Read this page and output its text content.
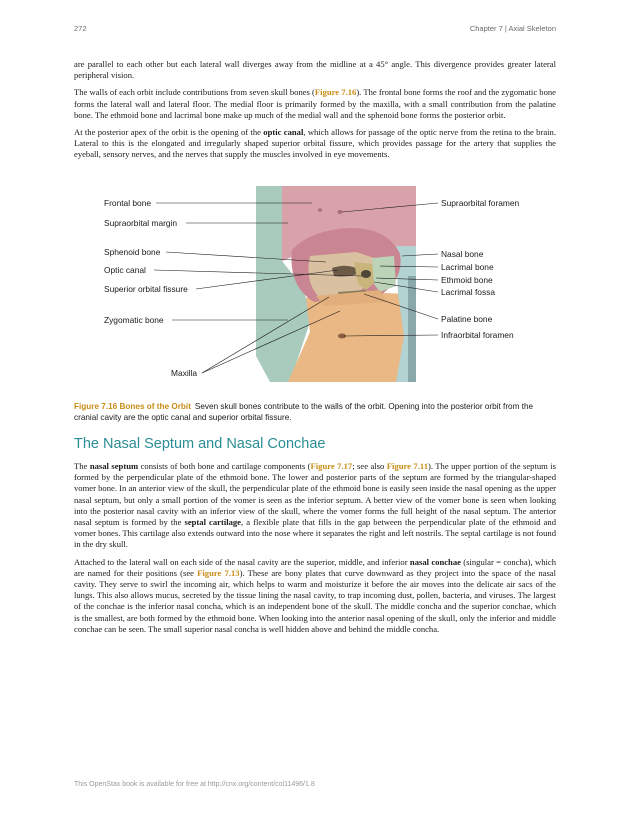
272	Chapter 7 | Axial Skeleton

are parallel to each other but each lateral wall diverges away from the midline at a 45° angle. This divergence provides greater lateral peripheral vision.

The walls of each orbit include contributions from seven skull bones (Figure 7.16). The frontal bone forms the roof and the zygomatic bone forms the lateral wall and lateral floor. The medial floor is primarily formed by the maxilla, with a small contribution from the palatine bone. The ethmoid bone and lacrimal bone make up much of the medial wall and the sphenoid bone forms the posterior orbit.

At the posterior apex of the orbit is the opening of the optic canal, which allows for passage of the optic nerve from the retina to the brain. Lateral to this is the elongated and irregularly shaped superior orbital fissure, which provides passage for the artery that supplies the eyeball, sensory nerves, and the nerves that supply the muscles involved in eye movements.

Frontal bone
Supraorbital margin
Sphenoid bone
Optic canal
Superior orbital fissure
Zygomatic bone
Maxilla
Supraorbital foramen
Nasal bone
Lacrimal bone
Ethmoid bone
Lacrimal fossa
Palatine bone
Infraorbital foramen
Figure 7.16 Bones of the Orbit Seven skull bones contribute to the walls of the orbit. Opening into the posterior orbit from the cranial cavity are the optic canal and superior orbital fissure.
The Nasal Septum and Nasal Conchae

The nasal septum consists of both bone and cartilage components (Figure 7.17; see also Figure 7.11). The upper portion of the septum is formed by the perpendicular plate of the ethmoid bone. The lower and posterior parts of the septum are formed by the triangular-shaped vomer bone. In an anterior view of the skull, the perpendicular plate of the ethmoid bone is easily seen inside the nasal opening as the upper nasal septum, but only a small portion of the vomer is seen as the inferior septum. A better view of the vomer bone is seen when looking into the posterior nasal cavity with an inferior view of the skull, where the vomer forms the full height of the nasal septum. The anterior nasal septum is formed by the septal cartilage, a flexible plate that fills in the gap between the perpendicular plate of the ethmoid and vomer bones. This cartilage also extends outward into the nose where it separates the right and left nostrils. The septal cartilage is not found in the dry skull.

Attached to the lateral wall on each side of the nasal cavity are the superior, middle, and inferior nasal conchae (singular = concha), which are named for their positions (see Figure 7.13). These are bony plates that curve downward as they project into the space of the nasal cavity. They serve to swirl the incoming air, which helps to warm and moisturize it before the air moves into the delicate air sacs of the lungs. This also allows mucus, secreted by the tissue lining the nasal cavity, to trap incoming dust, pollen, bacteria, and viruses. The largest of the conchae is the inferior nasal concha, which is an independent bone of the skull. The middle concha and the superior conchae, which is the smallest, are both formed by the ethmoid bone. When looking into the anterior nasal opening of the skull, only the inferior and middle conchae can be seen. The small superior nasal concha is well hidden above and behind the middle concha.

This OpenStax book is available for free at http://cnx.org/content/col11496/1.8
